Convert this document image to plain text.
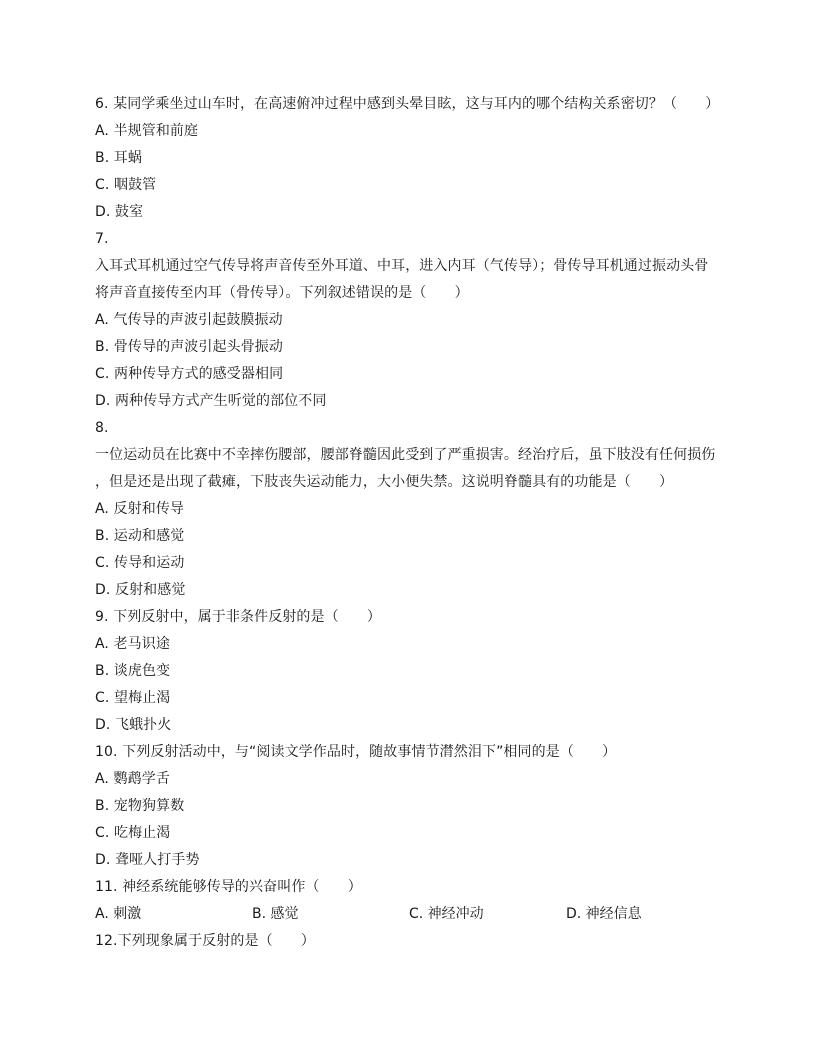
6. 某同学乘坐过山车时，在高速俯冲过程中感到头晕目眩，这与耳内的哪个结构关系密切？（　　）
A. 半规管和前庭
B. 耳蜗
C. 咽鼓管
D. 鼓室
7.
入耳式耳机通过空气传导将声音传至外耳道、中耳，进入内耳（气传导）；骨传导耳机通过振动头骨
将声音直接传至内耳（骨传导）。下列叙述错误的是（　　）
A. 气传导的声波引起鼓膜振动
B. 骨传导的声波引起头骨振动
C. 两种传导方式的感受器相同
D. 两种传导方式产生听觉的部位不同
8.
一位运动员在比赛中不幸摔伤腰部，腰部脊髓因此受到了严重损害。经治疗后，虽下肢没有任何损伤
，但是还是出现了截瘫，下肢丧失运动能力，大小便失禁。这说明脊髓具有的功能是（　　）
A. 反射和传导
B. 运动和感觉
C. 传导和运动
D. 反射和感觉
9. 下列反射中，属于非条件反射的是（　　）
A. 老马识途
B. 谈虎色变
C. 望梅止渴
D. 飞蛾扑火
10. 下列反射活动中，与“阅读文学作品时，随故事情节潸然泪下”相同的是（　　）
A. 鹦鹉学舌
B. 宠物狗算数
C. 吃梅止渴
D. 聋哑人打手势
11. 神经系统能够传导的兴奋叫作（　　）
A. 刺激	B. 感觉	C. 神经冲动	D. 神经信息
12.下列现象属于反射的是（　　）
